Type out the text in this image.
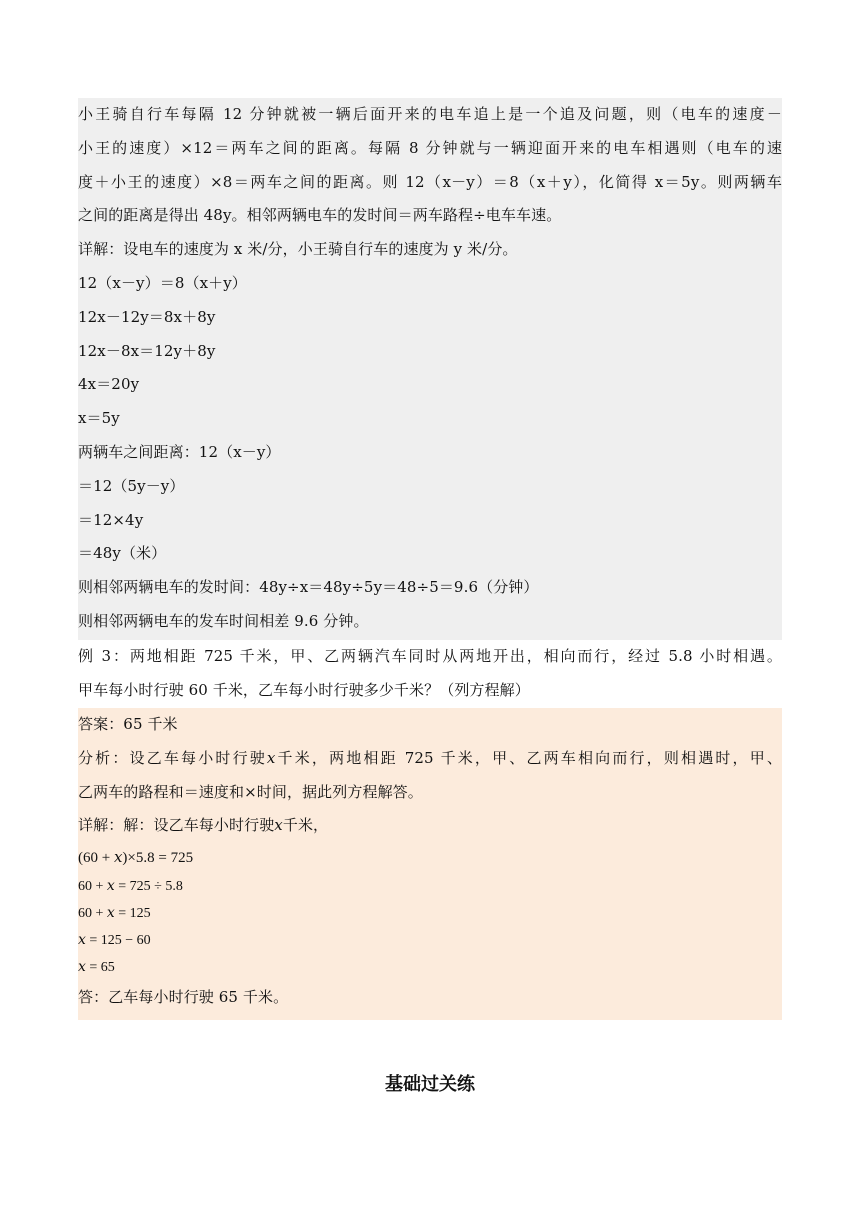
小王骑自行车每隔 12 分钟就被一辆后面开来的电车追上是一个追及问题，则（电车的速度－
小王的速度）×12＝两车之间的距离。每隔 8 分钟就与一辆迎面开来的电车相遇则（电车的速
度＋小王的速度）×8＝两车之间的距离。则 12（x－y）＝8（x＋y），化简得 x＝5y。则两辆车
之间的距离是得出 48y。相邻两辆电车的发时间＝两车路程÷电车车速。
详解：设电车的速度为 x 米/分，小王骑自行车的速度为 y 米/分。
12（x－y）＝8（x＋y）
12x－12y＝8x＋8y
12x－8x＝12y＋8y
4x＝20y
x＝5y
两辆车之间距离：12（x－y）
＝12（5y－y）
＝12×4y
＝48y（米）
则相邻两辆电车的发时间：48y÷x＝48y÷5y＝48÷5＝9.6（分钟）
则相邻两辆电车的发车时间相差 9.6 分钟。
例 3：两地相距 725 千米，甲、乙两辆汽车同时从两地开出，相向而行，经过 5.8 小时相遇。
甲车每小时行驶 60 千米，乙车每小时行驶多少千米？（列方程解）
答案：65 千米
分析：设乙车每小时行驶𝑥千米，两地相距 725 千米，甲、乙两车相向而行，则相遇时，甲、
乙两车的路程和＝速度和×时间，据此列方程解答。
详解：解：设乙车每小时行驶𝑥千米，
(60 + 𝑥)×5.8 = 725
60 + 𝑥 = 725 ÷ 5.8
60 + 𝑥 = 125
𝑥 = 125 − 60
𝑥 = 65
答：乙车每小时行驶 65 千米。
基础过关练
